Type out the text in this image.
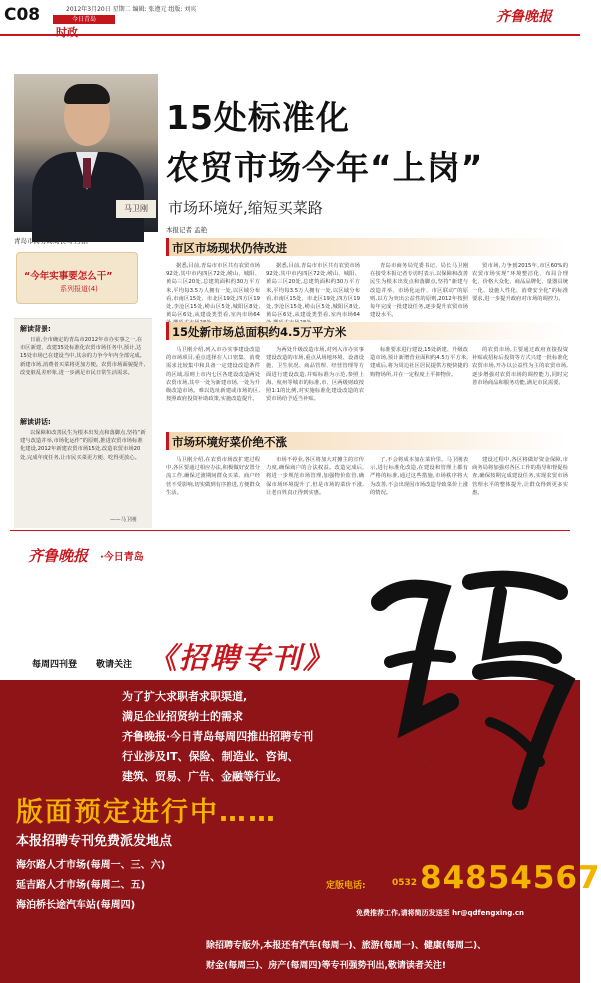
C08	2012年3月20日 星期二 编辑: 张遵元 组版: 刘宾
今日青岛
时政
齐鲁晚报
马卫刚
青岛市商务局局长马卫刚。
15处标准化
农贸市场今年“上岗”
市场环境好,缩短买菜路
本报记者 孟艳
“今年实事要怎么干”
系列报道(4)
解读背景:
日前,全市确定的青岛市2012年市办实事之一,在市区新建、改建35处标准化农贸市场任务中,预计,达15处市场已在建设当中,其余的力争今年内全部完成。新建市场,消费者买菜将更加方便。农贸市场面貌提升,改变脏乱差形象,进一步满足市民日常生活需求。
解读讲话:
以保障和改善民生为根本出发点和落脚点,坚持“新建与改造并举,市场化运作”的原则,推进农贸市场标准化建设,2012年新建农贸市场15处,改造农贸市场20处,完成年度任务,让市民买菜更方便、吃得更放心。
——马卫刚
市区市场现状仍待改进
据悉,目前,青岛市市区共有农贸市场92处,其中市内四区72处,崂山、城阳、黄岛三区20处,总建筑面积约30万平方米,平均每3.5万人拥有一处,以区域分布看,市南区15处、市北区19处,四方区19处,李沧区15处,崂山区5处,城阳区8处,黄岛区6处,从建设类型看,室内市场64
据悉,目前,青岛市市区共有农贸市场92处,其中市内四区72处,崂山、城阳、黄岛三区20处,总建筑面积约30万平方米,平均每3.5万人拥有一处,以区域分布看,市南区15处、市北区19处,四方区19处,李沧区15处,崂山区5处,城阳区8处,黄岛区6处,从建设类型看,室内市场64
青岛市商务局党委书记、局长马卫刚在接受本报记者专访时表示,以保障和改善民生为根本出发点和落脚点,坚持“新建与改造并举、市场化运作、市区联动”的原则,以方为突出公益性的原则,2012年按照每年完成一批建设任务,逐步提升农贸市场建设水平。
贸市场,力争到2015年,市区60%的农贸市场实现“环境整洁化、布局合理化、价格大众化、商品品牌化、量器具统一化、设施人性化、消费安全化”的标准要求,进一步提升政府对市场的调控力。
15处新市场总面积约4.5万平方米
马卫刚介绍,列入市办实事建设改造的市场项目,重点选择在人口密集、消费需求比较集中和具备一定建设改造条件的区域,原则上市内七区各建设改造两处农贸市场,其中一处为新建市场,一处为升级改造市场。难以选址新建或市场的区,按照政府投资补助政策,实施改造提升。
为两处升级改造市场,对列入市办实事建设改造的市场,重点从场地环境、设备设施、卫生状况、商品管理、经营管理等方面进行建设改造,并贴标准为示范,参照上海、杭州等城市的标准,市、区两级财政按照1:1的比例,对实施标准化建设改造的农贸市场给予适当补贴。
标准要求进行建设,15处新建、升级改造市场,预计新增营业面积约4.5万平方米,建成后,将为周边社区居民提供方便快捷的购物场所,并在一定程度上平抑物价。
的农贸市场,主要通过政府直接投资补贴或招标后投资等方式兴建一批标准化农贸市场,开办以公益性为主的农贸市场,逐步增强对农贸市场的调控能力,同时完善市场商品和服务功能,满足市民需要。
市场环境好菜价绝不涨
马卫刚介绍,在农贸市场改扩建过程中,各区要通过相应办法,积极做好安置分流工作,确保过渡期间群众买菜、商户经营不受影响,切实做到有序推进,方便群众生活。
市场不停业,各区将加大对摊主的宣传力度,确保商户的合法权益。改造完成后,将进一步规范市场管理,加强物价监管,确保市场环境提升了,但是市场的菜价不涨,让老百姓真正得到实惠。
了,不会将成本加在菜价里。马卫刚表示,进行标准化改造,在建设和管理上都有严格的标准,通过这些措施,市场秩序将大为改善,不会出现因市场改造导致菜价上涨的情况。
建设过程中,各区将做好资金保障,市商务局将加强对各区工作的指导和督促检查,确保按期完成建设任务,实现农贸市场管理水平的整体提升,让群众得到更多实惠。
齐鲁晚报 ·今日青岛
聘
每周四刊登 敬请关注 《招聘专刊》
为了扩大求职者求职渠道,
满足企业招贤纳士的需求
齐鲁晚报·今日青岛每周四推出招聘专刊
行业涉及IT、保险、制造业、咨询、
建筑、贸易、广告、金融等行业。
版面预定进行中……
本报招聘专刊免费派发地点
海尔路人才市场(每周一、三、六)
延吉路人才市场(每周二、五)
海泊桥长途汽车站(每周四)
定版电话:	0532 84854567
免费推荐工作,请将简历发送至 hr@qdfengxing.cn
除招聘专版外,本报还有汽车(每周一)、旅游(每周一)、健康(每周二)、
财金(每周三)、房产(每周四)等专刊强势刊出,敬请读者关注!
